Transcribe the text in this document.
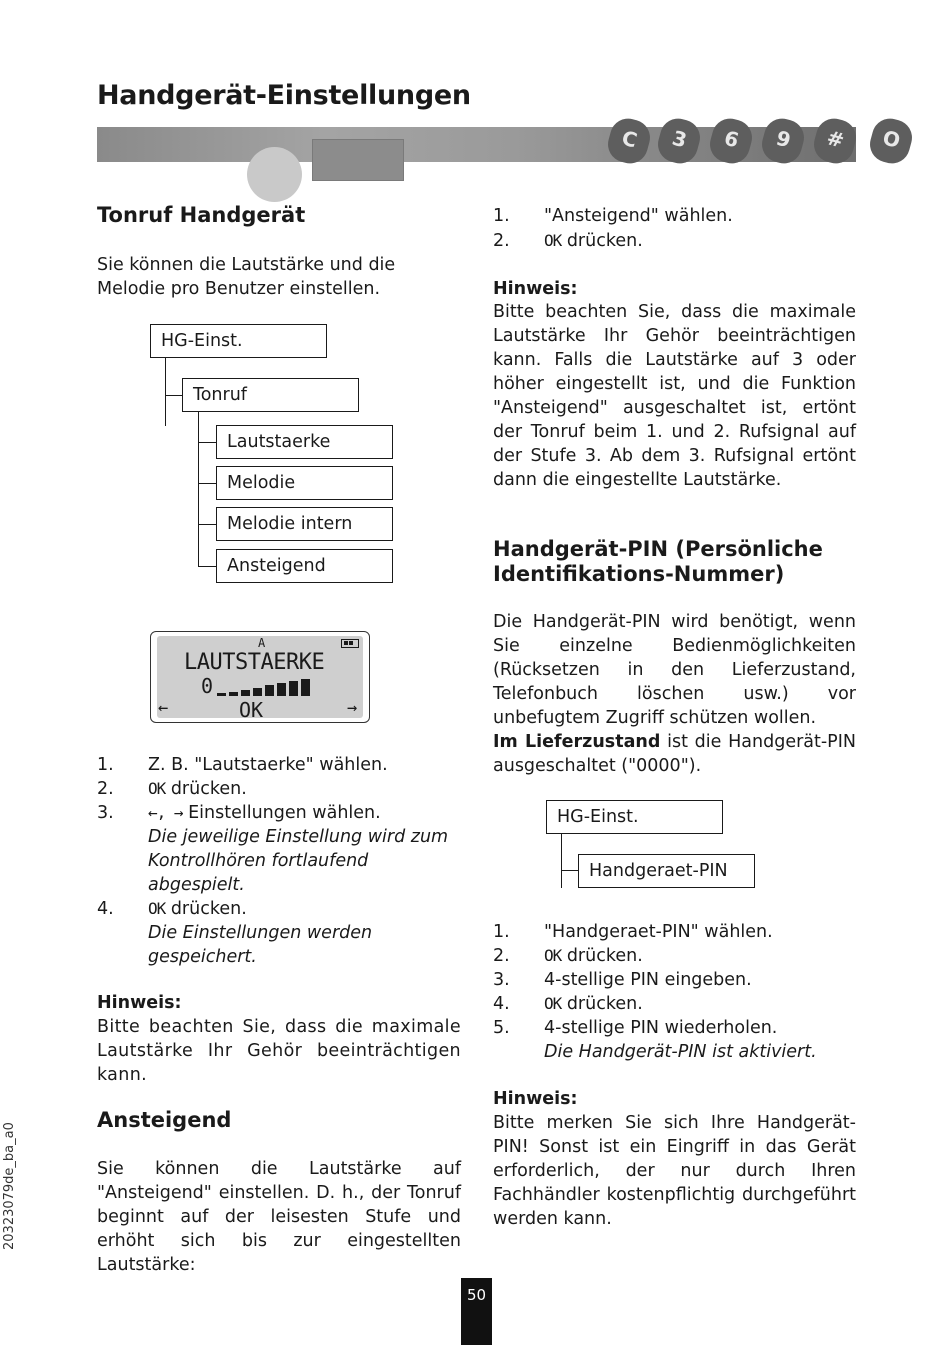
Handgerät-Einstellungen
C	3	6	9	#	O
Tonruf Handgerät
Sie können die Lautstärke und die Melodie pro Benutzer einstellen.
HG-Einst.
Tonruf
Lautstaerke
Melodie
Melodie intern
Ansteigend
A
LAUTSTAERKE
0
←	OK	→
1. Z. B. "Lautstaerke" wählen.
2. OK drücken.
3. ←, → Einstellungen wählen.
Die jeweilige Einstellung wird zum
Kontrollhören fortlaufend
abgespielt.
4. OK drücken.
Die Einstellungen werden
gespeichert.
Hinweis:
Bitte beachten Sie, dass die maximale Lautstärke Ihr Gehör beeinträchtigen kann.
Ansteigend
Sie können die Lautstärke auf "Ansteigend" einstellen. D. h., der Tonruf beginnt auf der leisesten Stufe und erhöht sich bis zur eingestellten Lautstärke:
1. "Ansteigend" wählen.
2. OK drücken.
Hinweis:
Bitte beachten Sie, dass die maximale Lautstärke Ihr Gehör beeinträchtigen kann. Falls die Lautstärke auf 3 oder höher eingestellt ist, und die Funktion "Ansteigend" ausgeschaltet ist, ertönt der Tonruf beim 1. und 2. Rufsignal auf der Stufe 3. Ab dem 3. Rufsignal ertönt dann die eingestellte Lautstärke.
Handgerät-PIN (Persönliche
Identifikations-Nummer)
Die Handgerät-PIN wird benötigt, wenn Sie einzelne Bedienmöglichkeiten (Rücksetzen in den Lieferzustand, Telefonbuch löschen usw.) vor unbefugtem Zugriff schützen wollen.
Im Lieferzustand ist die Handgerät-PIN ausgeschaltet ("0000").
HG-Einst.
Handgeraet-PIN
1. "Handgeraet-PIN" wählen.
2. OK drücken.
3. 4-stellige PIN eingeben.
4. OK drücken.
5. 4-stellige PIN wiederholen.
Die Handgerät-PIN ist aktiviert.
Hinweis:
Bitte merken Sie sich Ihre Handgerät-PIN! Sonst ist ein Eingriff in das Gerät erforderlich, der nur durch Ihren Fachhändler kostenpflichtig durchgeführt werden kann.
20323079de_ba_a0
50
